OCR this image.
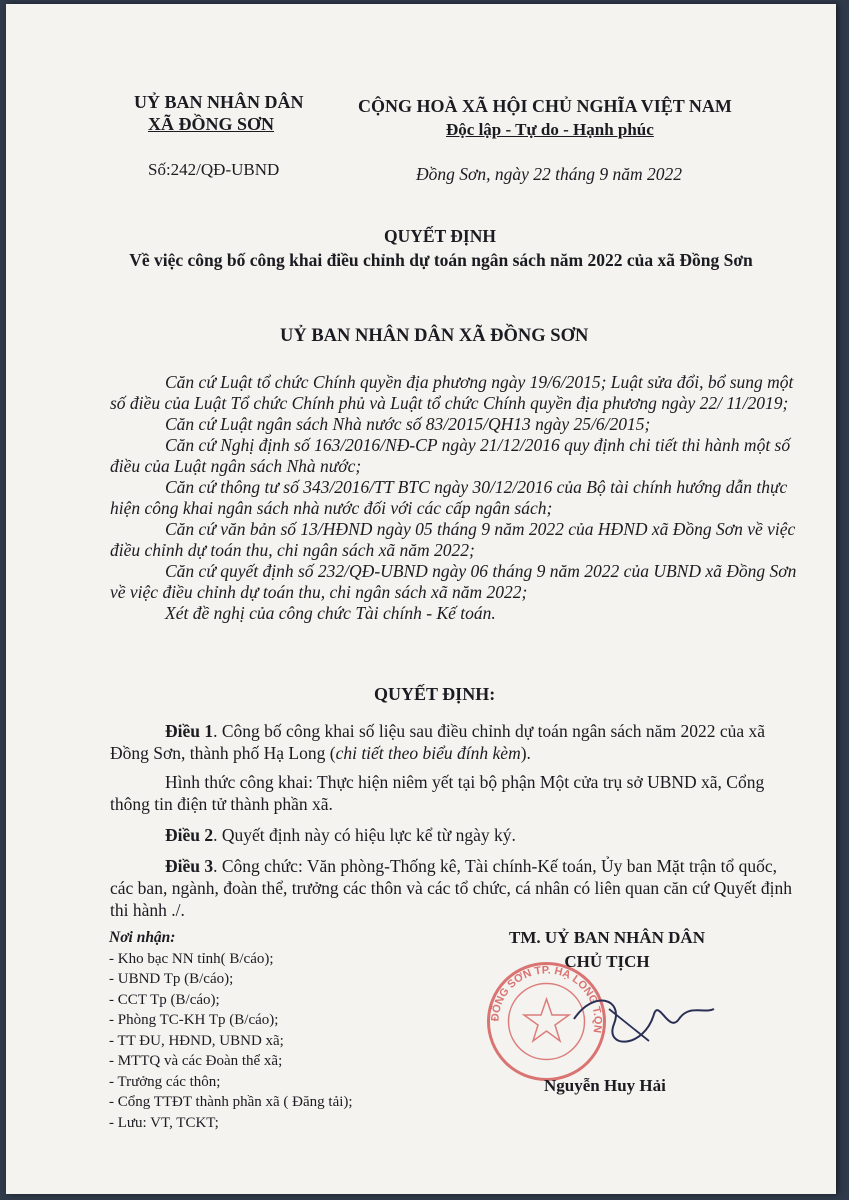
UỶ BAN NHÂN DÂN
XÃ ĐỒNG SƠN
CỘNG HOÀ XÃ HỘI CHỦ NGHĨA VIỆT NAM
Độc lập - Tự do - Hạnh phúc
Số:242/QĐ-UBND	Đồng Sơn, ngày 22 tháng 9 năm 2022
QUYẾT ĐỊNH
Về việc công bố công khai điều chỉnh dự toán ngân sách năm 2022 của xã Đồng Sơn
UỶ BAN NHÂN DÂN XÃ ĐỒNG SƠN

Căn cứ Luật tổ chức Chính quyền địa phương ngày 19/6/2015; Luật sửa đổi, bổ sung một số điều của Luật Tổ chức Chính phủ và Luật tổ chức Chính quyền địa phương ngày 22/ 11/2019;

Căn cứ Luật ngân sách Nhà nước số 83/2015/QH13 ngày 25/6/2015;

Căn cứ Nghị định số 163/2016/NĐ-CP ngày 21/12/2016 quy định chi tiết thi hành một số điều của Luật ngân sách Nhà nước;

Căn cứ thông tư số 343/2016/TT BTC ngày 30/12/2016 của Bộ tài chính hướng dẫn thực hiện công khai ngân sách nhà nước đối với các cấp ngân sách;

Căn cứ văn bản số 13/HĐND ngày 05 tháng 9 năm 2022 của HĐND xã Đồng Sơn về việc điều chỉnh dự toán thu, chi ngân sách xã năm 2022;

Căn cứ quyết định số 232/QĐ-UBND ngày 06 tháng 9 năm 2022 của UBND xã Đồng Sơn về việc điều chỉnh dự toán thu, chi ngân sách xã năm 2022;

Xét đề nghị của công chức Tài chính - Kế toán.

QUYẾT ĐỊNH:

Điều 1. Công bố công khai số liệu sau điều chỉnh dự toán ngân sách năm 2022 của xã Đồng Sơn, thành phố Hạ Long (chi tiết theo biểu đính kèm).

Hình thức công khai: Thực hiện niêm yết tại bộ phận Một cửa trụ sở UBND xã, Cổng thông tin điện tử thành phần xã.

Điều 2. Quyết định này có hiệu lực kể từ ngày ký.

Điều 3. Công chức: Văn phòng-Thống kê, Tài chính-Kế toán, Ủy ban Mặt trận tổ quốc, các ban, ngành, đoàn thể, trưởng các thôn và các tổ chức, cá nhân có liên quan căn cứ Quyết định thi hành ./.

Nơi nhận:
- Kho bạc NN tỉnh( B/cáo);
- UBND Tp (B/cáo);
- CCT Tp (B/cáo);
- Phòng TC-KH Tp (B/cáo);
- TT ĐU, HĐND, UBND xã;
- MTTQ và các Đoàn thể xã;
- Trưởng các thôn;
- Cổng TTĐT thành phần xã ( Đăng tải);
- Lưu: VT, TCKT;
ĐỒNG SƠN TP. HẠ LONG T.QN
TM. UỶ BAN NHÂN DÂN
CHỦ TỊCH
Nguyễn Huy Hải
